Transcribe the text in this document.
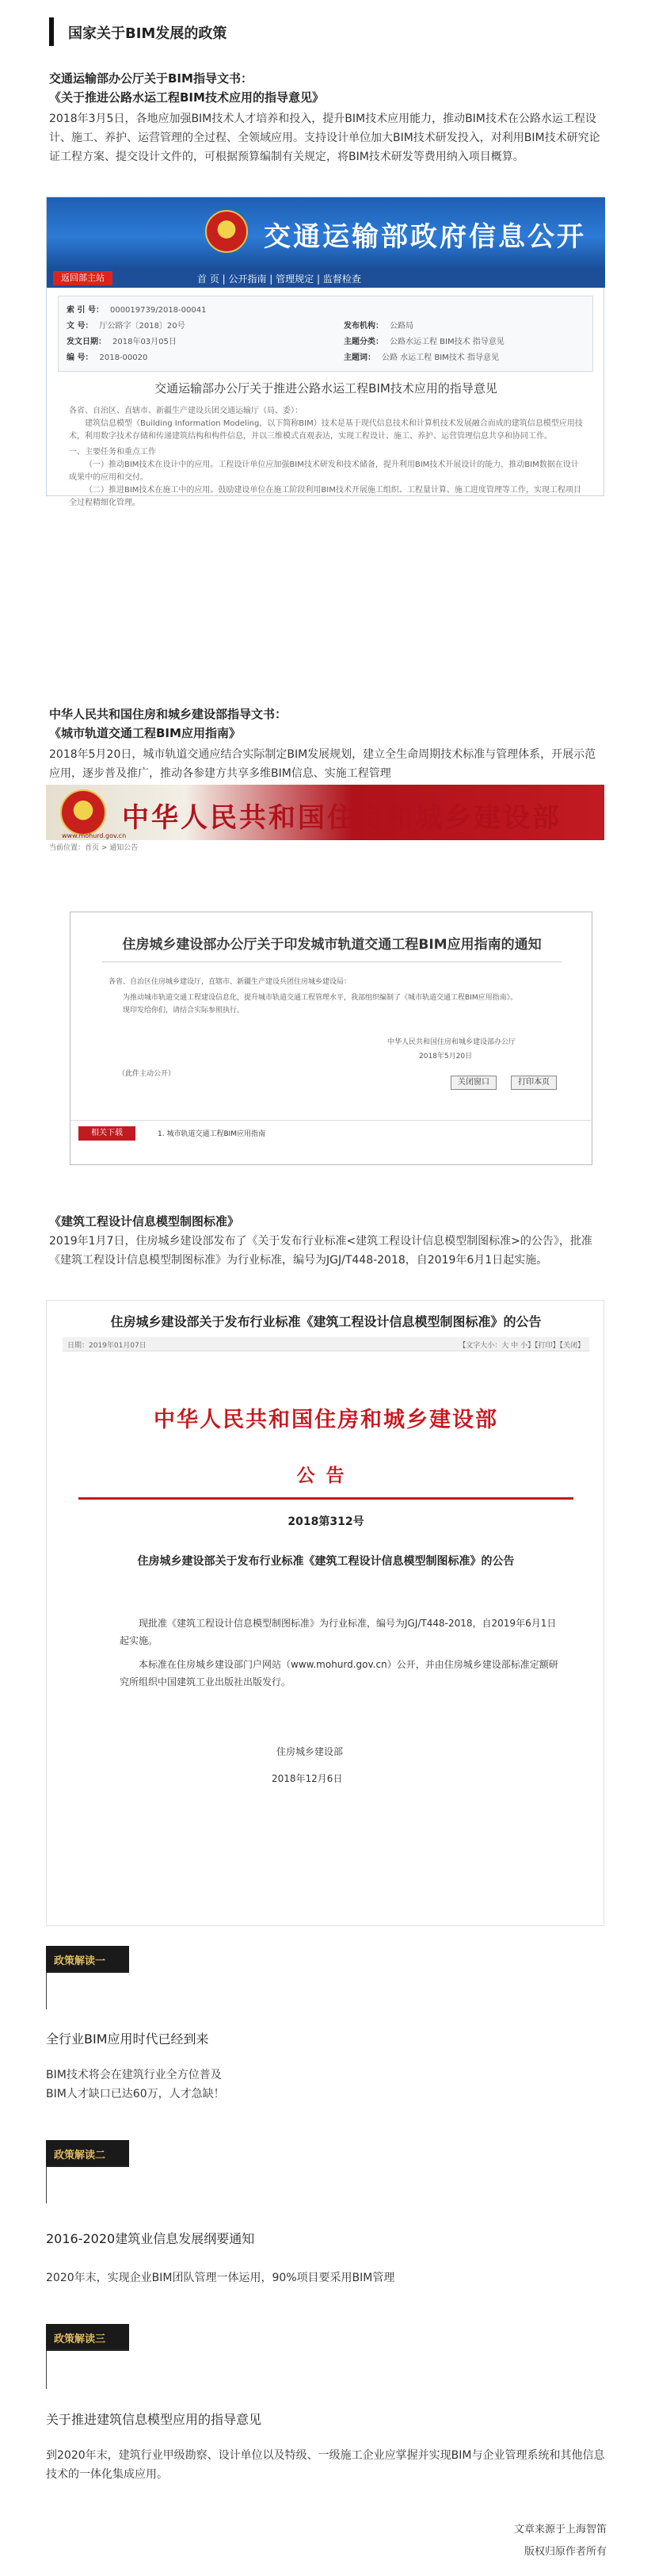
国家关于BIM发展的政策
交通运输部办公厅关于BIM指导文书：
《关于推进公路水运工程BIM技术应用的指导意见》
2018年3月5日，各地应加强BIM技术人才培养和投入，提升BIM技术应用能力，推动BIM技术在公路水运工程设计、施工、养护、运营管理的全过程、全领域应用。支持设计单位加大BIM技术研发投入，对利用BIM技术研究论证工程方案、提交设计文件的，可根据预算编制有关规定，将BIM技术研发等费用纳入项目概算。
交通运输部政府信息公开
返回部主站	首 页 | 公开指南 | 管理规定 | 监督检查
索 引 号： 000019739/2018-00041
文 号： 厅公路字〔2018〕20号	发布机构： 公路局
发文日期： 2018年03月05日	主题分类： 公路水运工程 BIM技术 指导意见
编 号： 2018-00020	主题词： 公路 水运工程 BIM技术 指导意见
交通运输部办公厅关于推进公路水运工程BIM技术应用的指导意见
各省、自治区、直辖市、新疆生产建设兵团交通运输厅（局、委）：
建筑信息模型（Building Information Modeling，以下简称BIM）技术是基于现代信息技术和计算机技术发展融合而成的建筑信息模型应用技术，利用数字技术存储和传递建筑结构和构件信息，并以三维模式直观表达，实现工程设计、施工、养护、运营管理信息共享和协同工作。
一、主要任务和重点工作
（一）推动BIM技术在设计中的应用。工程设计单位应加强BIM技术研发和技术储备，提升利用BIM技术开展设计的能力，推动BIM数据在设计成果中的应用和交付。
（二）推进BIM技术在施工中的应用。鼓励建设单位在施工阶段利用BIM技术开展施工组织、工程量计算、施工进度管理等工作，实现工程项目全过程精细化管理。
中华人民共和国住房和城乡建设部指导文书：
《城市轨道交通工程BIM应用指南》
2018年5月20日，城市轨道交通应结合实际制定BIM发展规划，建立全生命周期技术标准与管理体系，开展示范应用，逐步普及推广，推动各参建方共享多维BIM信息、实施工程管理
中华人民共和国住房和城乡建设部
www.mohurd.gov.cn
当前位置：首页 > 通知公告
住房城乡建设部办公厅关于印发城市轨道交通工程BIM应用指南的通知
各省、自治区住房城乡建设厅，直辖市、新疆生产建设兵团住房城乡建设局：
为推动城市轨道交通工程建设信息化，提升城市轨道交通工程管理水平，我部组织编制了《城市轨道交通工程BIM应用指南》。
现印发给你们，请结合实际参照执行。
中华人民共和国住房和城乡建设部办公厅
2018年5月20日
（此件主动公开）
关闭窗口	打印本页
相关下载	1. 城市轨道交通工程BIM应用指南
《建筑工程设计信息模型制图标准》
2019年1月7日，住房城乡建设部发布了《关于发布行业标准<建筑工程设计信息模型制图标准>的公告》，批准《建筑工程设计信息模型制图标准》为行业标准，编号为JGJ/T448-2018，自2019年6月1日起实施。
住房城乡建设部关于发布行业标准《建筑工程设计信息模型制图标准》的公告
日期：2019年01月07日	【文字大小：大 中 小】【打印】【关闭】
中华人民共和国住房和城乡建设部
公告
2018第312号
住房城乡建设部关于发布行业标准《建筑工程设计信息模型制图标准》的公告
现批准《建筑工程设计信息模型制图标准》为行业标准，编号为JGJ/T448-2018，自2019年6月1日起实施。
本标准在住房城乡建设部门户网站（www.mohurd.gov.cn）公开，并由住房城乡建设部标准定额研究所组织中国建筑工业出版社出版发行。
住房城乡建设部
2018年12月6日
政策解读一
全行业BIM应用时代已经到来
BIM技术将会在建筑行业全方位普及
BIM人才缺口已达60万，人才急缺！
政策解读二
2016-2020建筑业信息发展纲要通知
2020年末，实现企业BIM团队管理一体运用，90%项目要采用BIM管理
政策解读三
关于推进建筑信息模型应用的指导意见
到2020年末，建筑行业甲级勘察、设计单位以及特级、一级施工企业应掌握并实现BIM与企业管理系统和其他信息技术的一体化集成应用。
文章来源于上海智笛
版权归原作者所有
